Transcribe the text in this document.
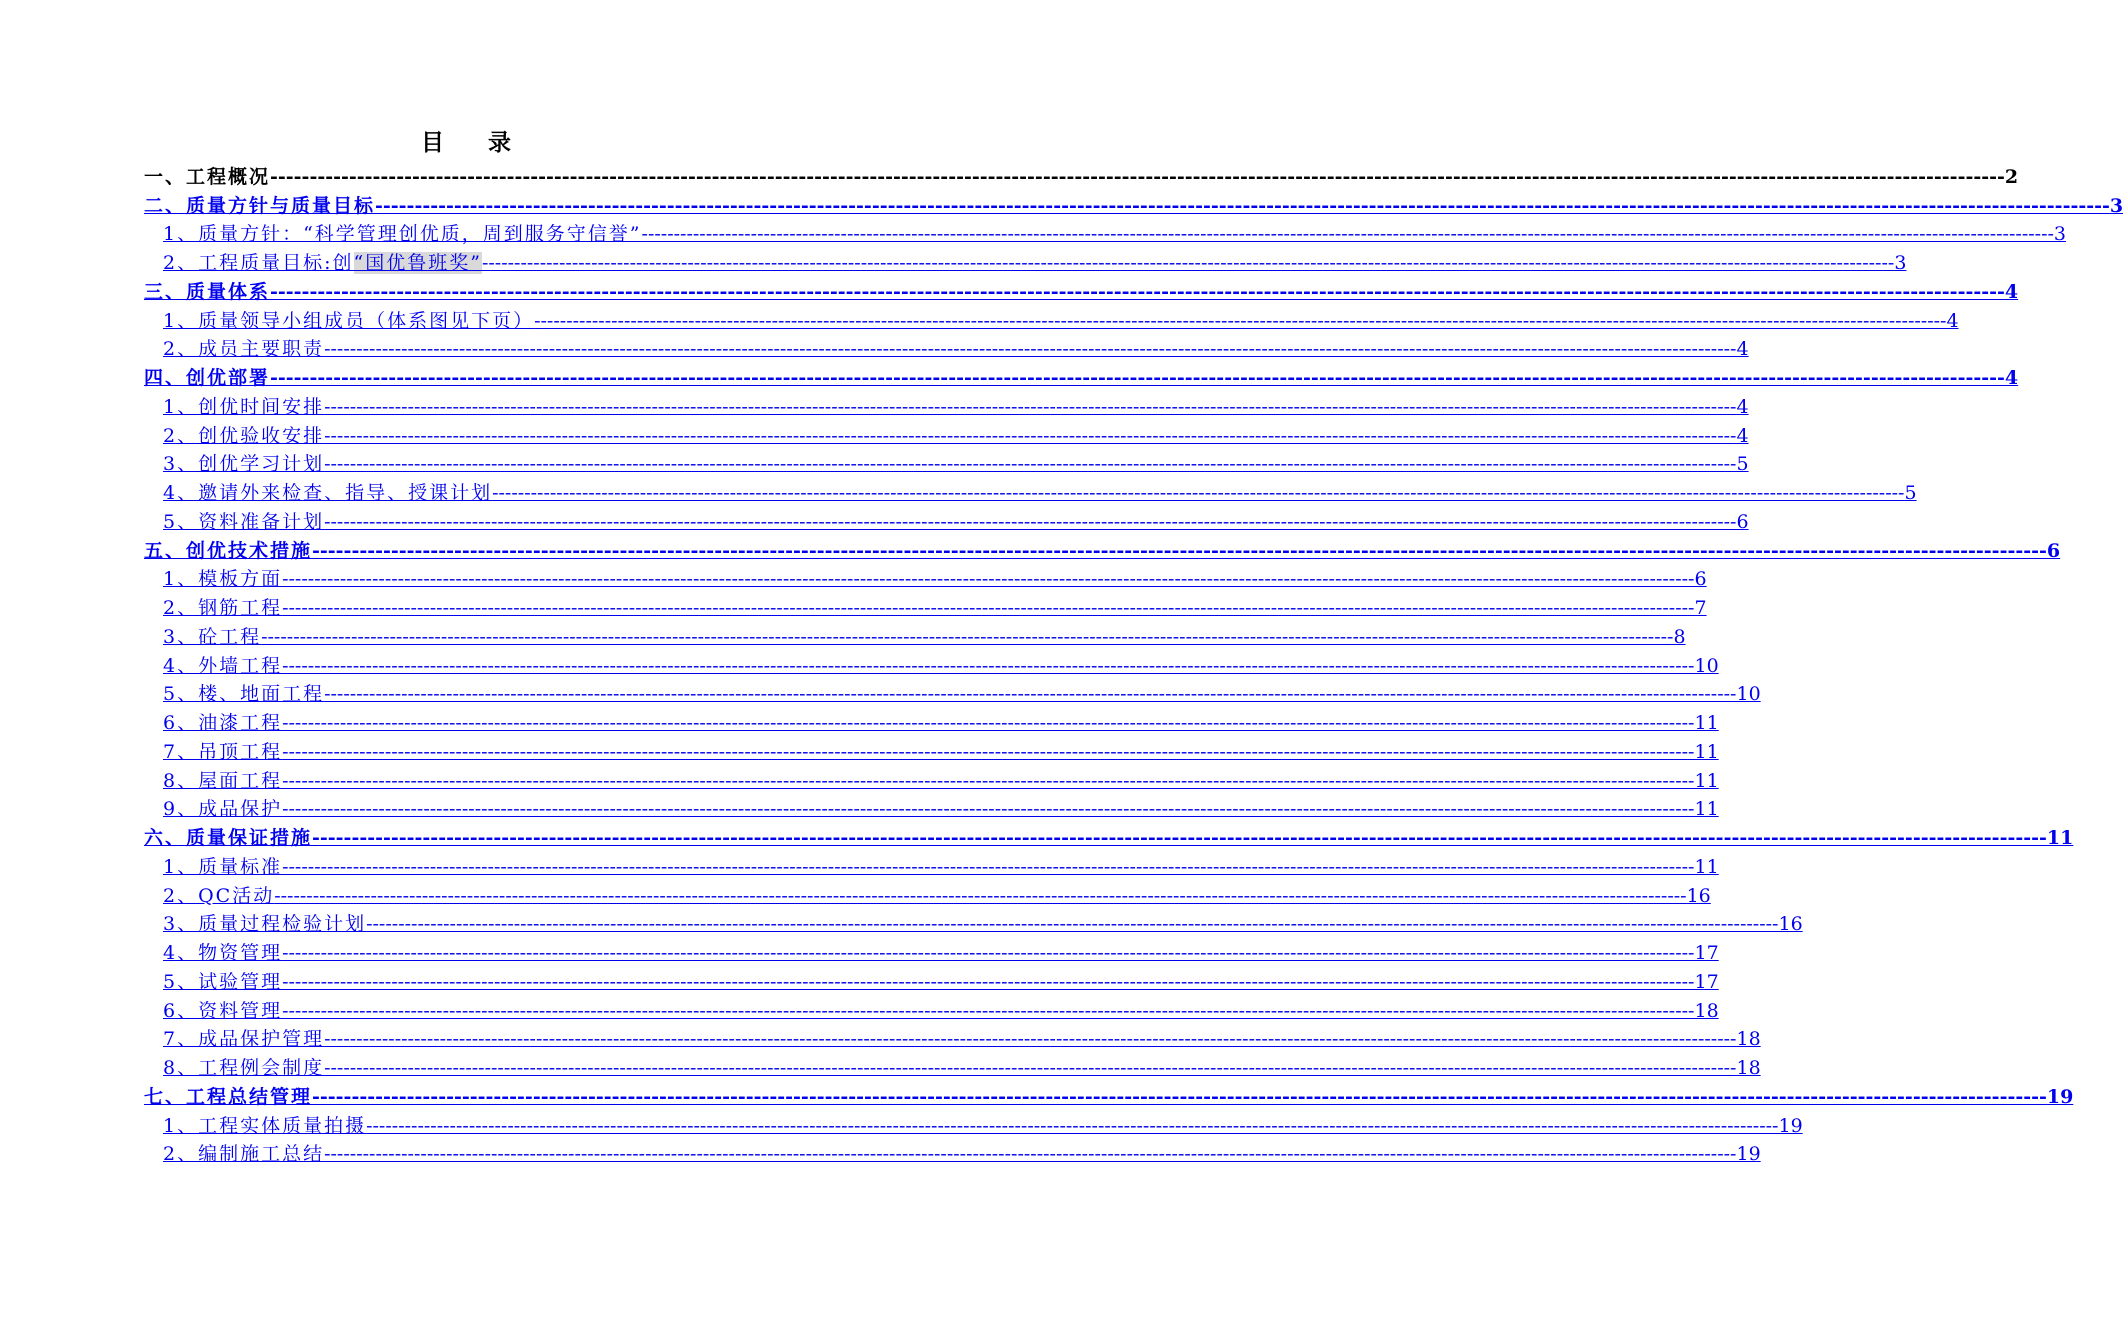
目 录
一、工程概况 ---------------------------------------------------------------------------------------------------------------------------------------------------------------------------------------------------------------------------- 2
二、质量方针与质量目标 ---------------------------------------------------------------------------------------------------------------------------------------------------------------------------------------------------------------------------- 3
1、质量方针：“科学管理创优质，周到服务守信誉” ---------------------------------------------------------------------------------------------------------------------------------------------------------------------------------------------------------------------------- 3
2、工程质量目标:创“国优鲁班奖” ---------------------------------------------------------------------------------------------------------------------------------------------------------------------------------------------------------------------------- 3
三、质量体系 ---------------------------------------------------------------------------------------------------------------------------------------------------------------------------------------------------------------------------- 4
1、质量领导小组成员（体系图见下页） ---------------------------------------------------------------------------------------------------------------------------------------------------------------------------------------------------------------------------- 4
2、成员主要职责 ---------------------------------------------------------------------------------------------------------------------------------------------------------------------------------------------------------------------------- 4
四、创优部署 ---------------------------------------------------------------------------------------------------------------------------------------------------------------------------------------------------------------------------- 4
1、创优时间安排 ---------------------------------------------------------------------------------------------------------------------------------------------------------------------------------------------------------------------------- 4
2、创优验收安排 ---------------------------------------------------------------------------------------------------------------------------------------------------------------------------------------------------------------------------- 4
3、创优学习计划 ---------------------------------------------------------------------------------------------------------------------------------------------------------------------------------------------------------------------------- 5
4、邀请外来检查、指导、授课计划 ---------------------------------------------------------------------------------------------------------------------------------------------------------------------------------------------------------------------------- 5
5、资料准备计划 ---------------------------------------------------------------------------------------------------------------------------------------------------------------------------------------------------------------------------- 6
五、创优技术措施 ---------------------------------------------------------------------------------------------------------------------------------------------------------------------------------------------------------------------------- 6
1、模板方面 ---------------------------------------------------------------------------------------------------------------------------------------------------------------------------------------------------------------------------- 6
2、钢筋工程 ---------------------------------------------------------------------------------------------------------------------------------------------------------------------------------------------------------------------------- 7
3、砼工程 ---------------------------------------------------------------------------------------------------------------------------------------------------------------------------------------------------------------------------- 8
4、外墙工程 ---------------------------------------------------------------------------------------------------------------------------------------------------------------------------------------------------------------------------- 10
5、楼、地面工程 ---------------------------------------------------------------------------------------------------------------------------------------------------------------------------------------------------------------------------- 10
6、油漆工程 ---------------------------------------------------------------------------------------------------------------------------------------------------------------------------------------------------------------------------- 11
7、吊顶工程 ---------------------------------------------------------------------------------------------------------------------------------------------------------------------------------------------------------------------------- 11
8、屋面工程 ---------------------------------------------------------------------------------------------------------------------------------------------------------------------------------------------------------------------------- 11
9、成品保护 ---------------------------------------------------------------------------------------------------------------------------------------------------------------------------------------------------------------------------- 11
六、质量保证措施 ---------------------------------------------------------------------------------------------------------------------------------------------------------------------------------------------------------------------------- 11
1、质量标准 ---------------------------------------------------------------------------------------------------------------------------------------------------------------------------------------------------------------------------- 11
2、QC活动 ---------------------------------------------------------------------------------------------------------------------------------------------------------------------------------------------------------------------------- 16
3、质量过程检验计划 ---------------------------------------------------------------------------------------------------------------------------------------------------------------------------------------------------------------------------- 16
4、物资管理 ---------------------------------------------------------------------------------------------------------------------------------------------------------------------------------------------------------------------------- 17
5、试验管理 ---------------------------------------------------------------------------------------------------------------------------------------------------------------------------------------------------------------------------- 17
6、资料管理 ---------------------------------------------------------------------------------------------------------------------------------------------------------------------------------------------------------------------------- 18
7、成品保护管理 ---------------------------------------------------------------------------------------------------------------------------------------------------------------------------------------------------------------------------- 18
8、工程例会制度 ---------------------------------------------------------------------------------------------------------------------------------------------------------------------------------------------------------------------------- 18
七、工程总结管理 ---------------------------------------------------------------------------------------------------------------------------------------------------------------------------------------------------------------------------- 19
1、工程实体质量拍摄 ---------------------------------------------------------------------------------------------------------------------------------------------------------------------------------------------------------------------------- 19
2、编制施工总结 ---------------------------------------------------------------------------------------------------------------------------------------------------------------------------------------------------------------------------- 19
